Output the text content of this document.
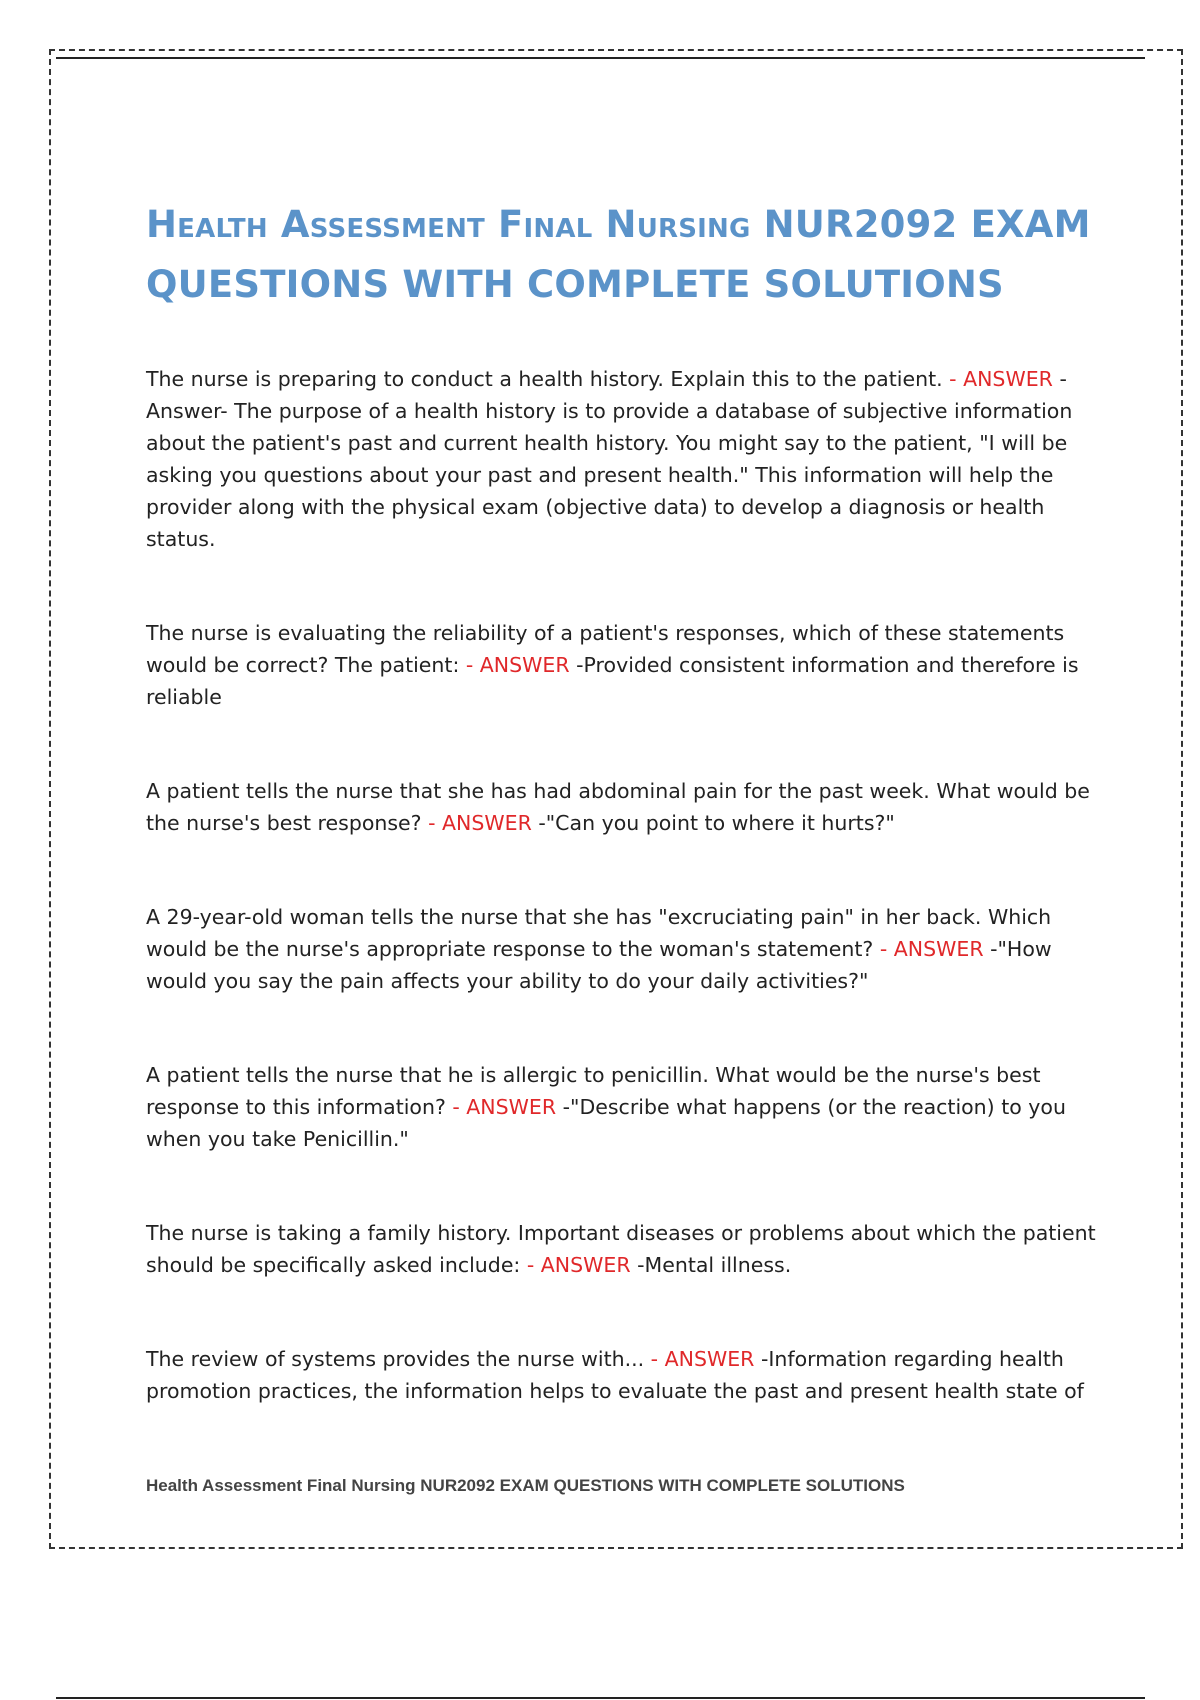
Health Assessment Final Nursing NUR2092 EXAM QUESTIONS WITH COMPLETE SOLUTIONS

The nurse is preparing to conduct a health history. Explain this to the patient. - ANSWER -Answer- The purpose of a health history is to provide a database of subjective information about the patient's past and current health history. You might say to the patient, "I will be asking you questions about your past and present health." This information will help the provider along with the physical exam (objective data) to develop a diagnosis or health status.

The nurse is evaluating the reliability of a patient's responses, which of these statements would be correct? The patient: - ANSWER -Provided consistent information and therefore is reliable

A patient tells the nurse that she has had abdominal pain for the past week. What would be the nurse's best response? - ANSWER -"Can you point to where it hurts?"

A 29-year-old woman tells the nurse that she has "excruciating pain" in her back. Which would be the nurse's appropriate response to the woman's statement? - ANSWER -"How would you say the pain affects your ability to do your daily activities?"

A patient tells the nurse that he is allergic to penicillin. What would be the nurse's best response to this information? - ANSWER -"Describe what happens (or the reaction) to you when you take Penicillin."

The nurse is taking a family history. Important diseases or problems about which the patient should be specifically asked include: - ANSWER -Mental illness.

The review of systems provides the nurse with... - ANSWER -Information regarding health promotion practices, the information helps to evaluate the past and present health state of

Health Assessment Final Nursing NUR2092 EXAM QUESTIONS WITH COMPLETE SOLUTIONS
